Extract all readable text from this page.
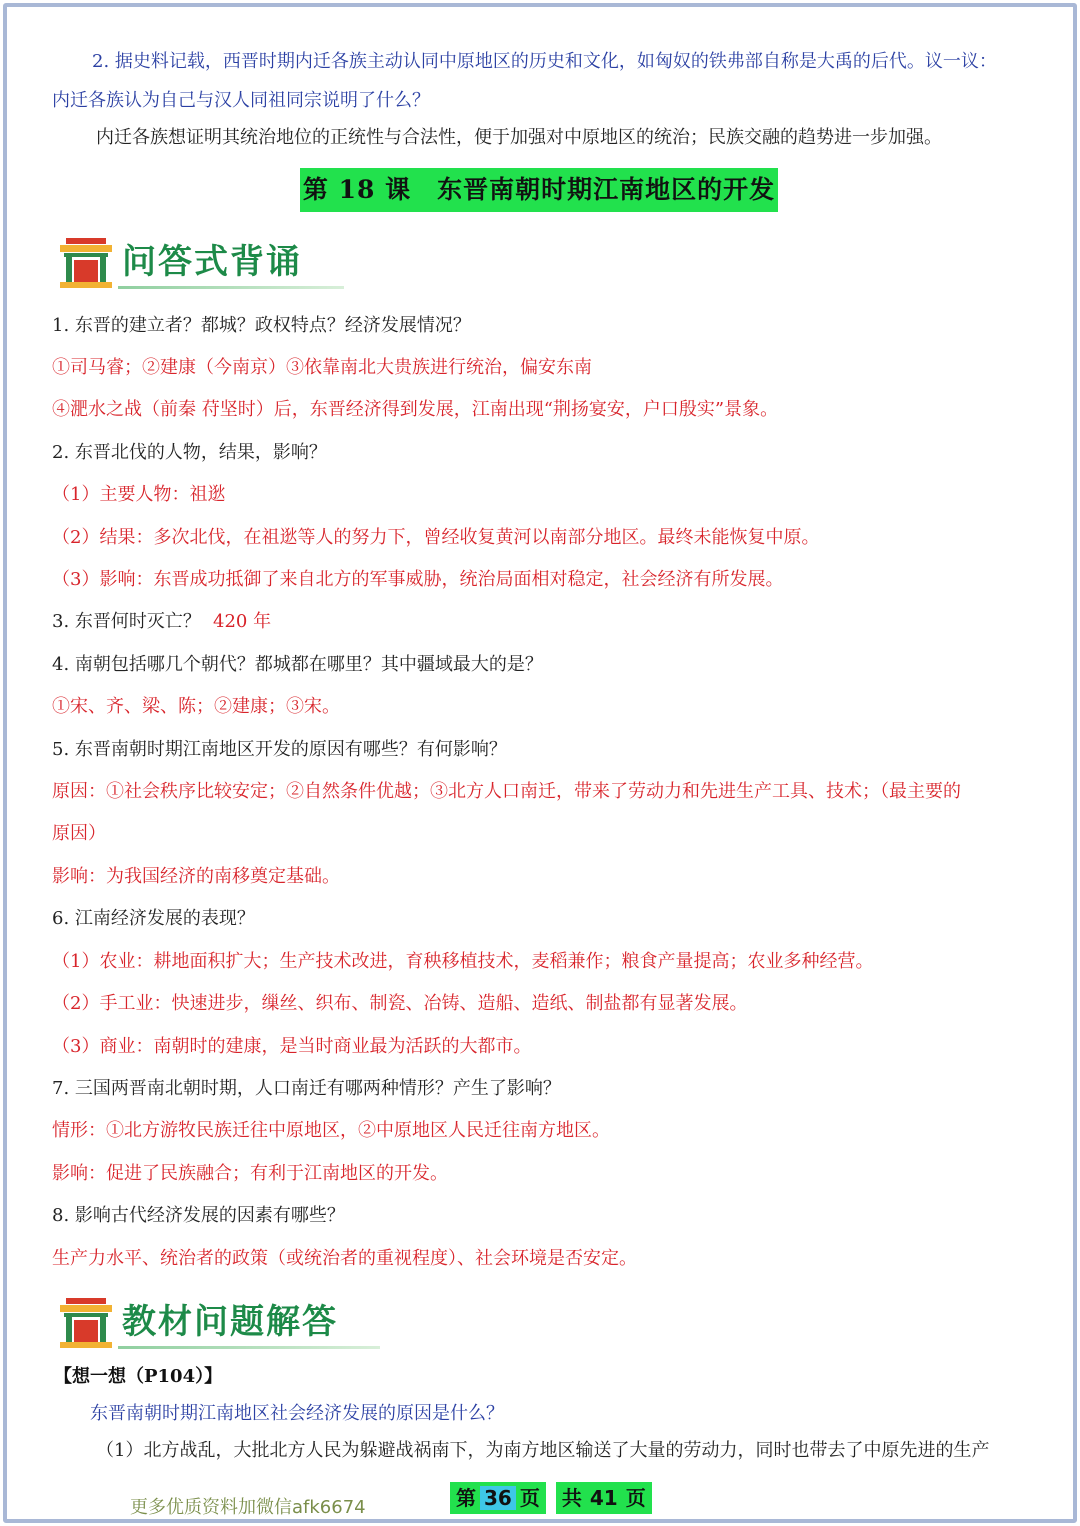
2. 据史料记载，西晋时期内迁各族主动认同中原地区的历史和文化，如匈奴的铁弗部自称是大禹的后代。议一议：
内迁各族认为自己与汉人同祖同宗说明了什么？
内迁各族想证明其统治地位的正统性与合法性，便于加强对中原地区的统治；民族交融的趋势进一步加强。
第 18 课　东晋南朝时期江南地区的开发
问答式背诵
1. 东晋的建立者？都城？政权特点？经济发展情况？
①司马睿；②建康（今南京）③依靠南北大贵族进行统治，偏安东南
④淝水之战（前秦 苻坚时）后，东晋经济得到发展，江南出现“荆扬宴安，户口殷实”景象。
2. 东晋北伐的人物，结果，影响？
（1）主要人物：祖逖
（2）结果：多次北伐，在祖逖等人的努力下，曾经收复黄河以南部分地区。最终未能恢复中原。
（3）影响：东晋成功抵御了来自北方的军事威胁，统治局面相对稳定，社会经济有所发展。
3. 东晋何时灭亡？ 420 年
4. 南朝包括哪几个朝代？都城都在哪里？其中疆域最大的是？
①宋、齐、梁、陈；②建康；③宋。
5. 东晋南朝时期江南地区开发的原因有哪些？有何影响？
原因：①社会秩序比较安定；②自然条件优越；③北方人口南迁，带来了劳动力和先进生产工具、技术；（最主要的
原因）
影响：为我国经济的南移奠定基础。
6. 江南经济发展的表现？
（1）农业：耕地面积扩大；生产技术改进，育秧移植技术，麦稻兼作；粮食产量提高；农业多种经营。
（2）手工业：快速进步，缫丝、织布、制瓷、冶铸、造船、造纸、制盐都有显著发展。
（3）商业：南朝时的建康，是当时商业最为活跃的大都市。
7. 三国两晋南北朝时期，人口南迁有哪两种情形？产生了影响？
情形：①北方游牧民族迁往中原地区，②中原地区人民迁往南方地区。
影响：促进了民族融合；有利于江南地区的开发。
8. 影响古代经济发展的因素有哪些？
生产力水平、统治者的政策（或统治者的重视程度）、社会环境是否安定。
教材问题解答
【想一想（P104）】
东晋南朝时期江南地区社会经济发展的原因是什么？
（1）北方战乱，大批北方人民为躲避战祸南下，为南方地区输送了大量的劳动力，同时也带去了中原先进的生产
更多优质资料加微信afk6674	第 36 页	共 41 页
